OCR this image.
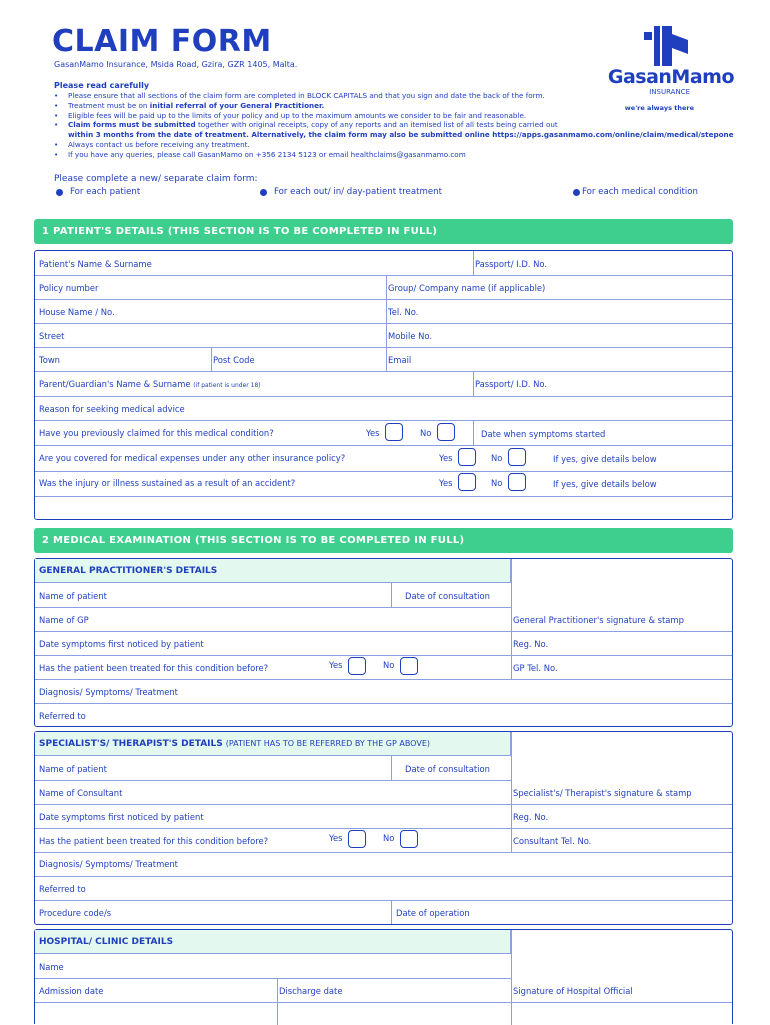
CLAIM FORM
GasanMamo Insurance, Msida Road, Gzira, GZR 1405, Malta.
GasanMamo
INSURANCE
we're always there
Please read carefully
• Please ensure that all sections of the claim form are completed in BLOCK CAPITALS and that you sign and date the back of the form.
• Treatment must be on initial referral of your General Practitioner.
• Eligible fees will be paid up to the limits of your policy and up to the maximum amounts we consider to be fair and reasonable.
• Claim forms must be submitted together with original receipts, copy of any reports and an itemised list of all tests being carried out
within 3 months from the date of treatment. Alternatively, the claim form may also be submitted online https://apps.gasanmamo.com/online/claim/medical/stepone
• Always contact us before receiving any treatment.
• If you have any queries, please call GasanMamo on +356 2134 5123 or email healthclaims@gasanmamo.com
Please complete a new/ separate claim form:
For each patient	For each out/ in/ day-patient treatment	For each medical condition
1 PATIENT'S DETAILS (THIS SECTION IS TO BE COMPLETED IN FULL)
Patient's Name & Surname	Passport/ I.D. No.
Policy number	Group/ Company name (if applicable)
House Name / No.	Tel. No.
Street	Mobile No.
Town	Post Code	Email
Parent/Guardian's Name & Surname (if patient is under 18)	Passport/ I.D. No.
Reason for seeking medical advice
Have you previously claimed for this medical condition?	Yes	No	Date when symptoms started
Are you covered for medical expenses under any other insurance policy?	Yes	No	If yes, give details below
Was the injury or illness sustained as a result of an accident?	Yes	No	If yes, give details below
2 MEDICAL EXAMINATION (THIS SECTION IS TO BE COMPLETED IN FULL)
GENERAL PRACTITIONER'S DETAILS
Name of patient	Date of consultation
Name of GP	General Practitioner's signature & stamp
Date symptoms first noticed by patient	Reg. No.
Has the patient been treated for this condition before?	Yes	No	GP Tel. No.
Diagnosis/ Symptoms/ Treatment
Referred to
SPECIALIST'S/ THERAPIST'S DETAILS (PATIENT HAS TO BE REFERRED BY THE GP ABOVE)
Name of patient	Date of consultation
Name of Consultant	Specialist's/ Therapist's signature & stamp
Date symptoms first noticed by patient	Reg. No.
Has the patient been treated for this condition before?	Yes	No	Consultant Tel. No.
Diagnosis/ Symptoms/ Treatment
Referred to
Procedure code/s	Date of operation
HOSPITAL/ CLINIC DETAILS
Name
Admission date	Discharge date	Signature of Hospital Official
